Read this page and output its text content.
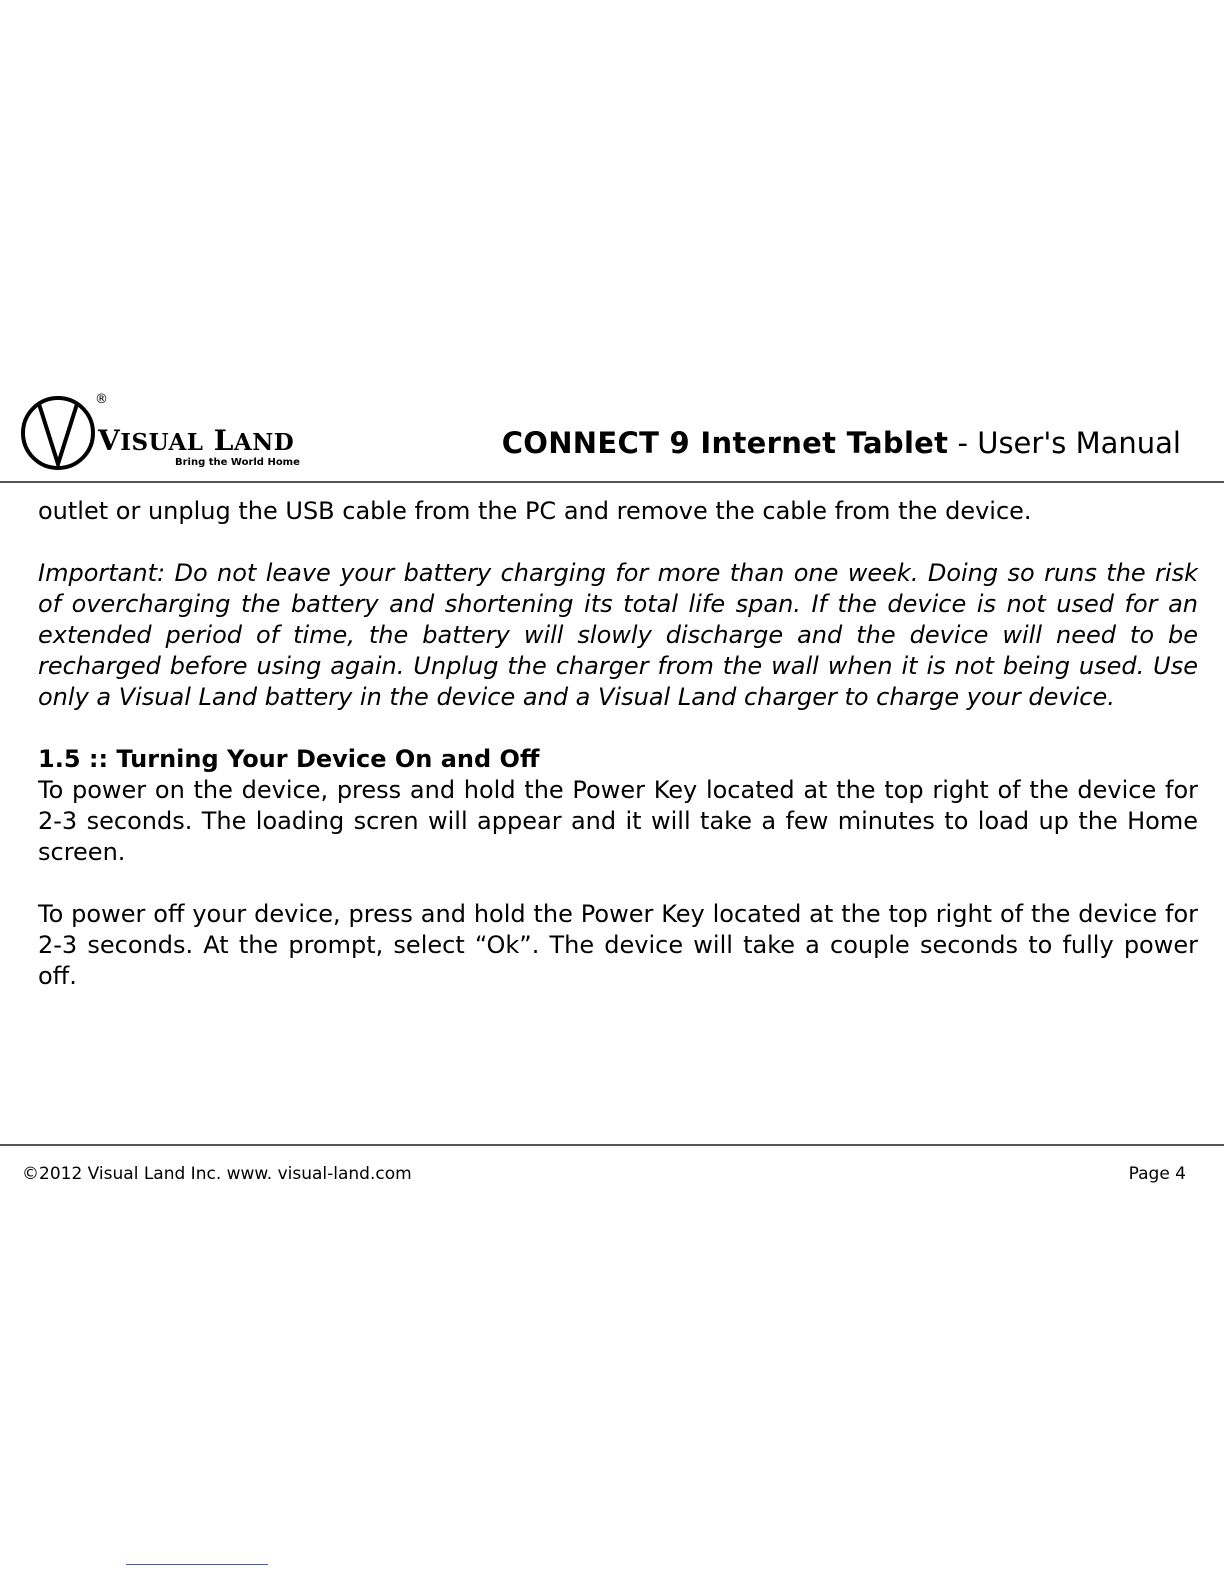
®
VISUAL LAND
Bring the World Home
CONNECT 9 Internet Tablet - User's Manual

outlet or unplug the USB cable from the PC and remove the cable from the device.

Important: Do not leave your battery charging for more than one week. Doing so runs the risk of overcharging the battery and shortening its total life span. If the device is not used for an extended period of time, the battery will slowly discharge and the device will need to be recharged before using again. Unplug the charger from the wall when it is not being used. Use only a Visual Land battery in the device and a Visual Land charger to charge your device.

1.5 :: Turning Your Device On and Off

To power on the device, press and hold the Power Key located at the top right of the device for 2-3 seconds. The loading scren will appear and it will take a few minutes to load up the Home screen.

To power off your device, press and hold the Power Key located at the top right of the device for 2-3 seconds. At the prompt, select “Ok”. The device will take a couple seconds to fully power off.

©2012 Visual Land Inc. www. visual-land.com	Page 4
